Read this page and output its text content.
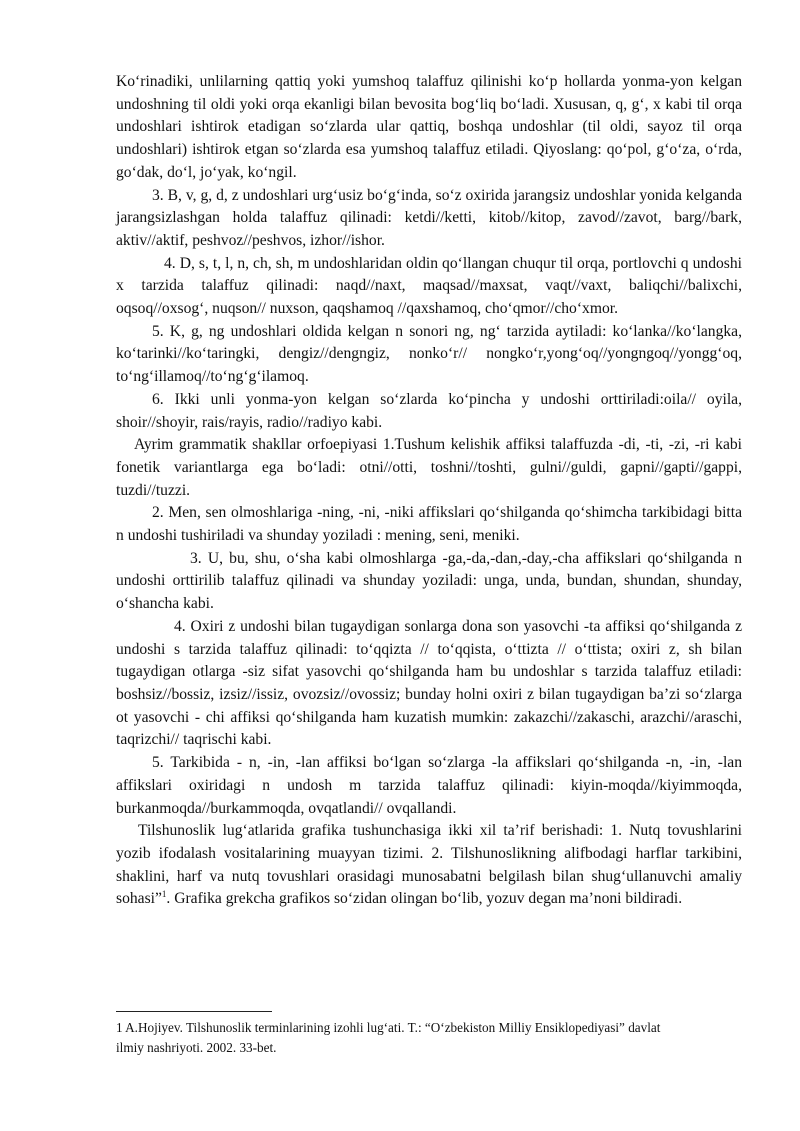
Ko‘rinadiki, unlilarning qattiq yoki yumshoq talaffuz qilinishi ko‘p hollarda yonma-yon kelgan undoshning til oldi yoki orqa ekanligi bilan bevosita bog‘liq bo‘ladi. Xususan, q, g‘, x kabi til orqa undoshlari ishtirok etadigan so‘zlarda ular qattiq, boshqa undoshlar (til oldi, sayoz til orqa undoshlari) ishtirok etgan so‘zlarda esa yumshoq talaffuz etiladi. Qiyoslang: qo‘pol, g‘o‘za, o‘rda, go‘dak, do‘l, jo‘yak, ko‘ngil.

3. B, v, g, d, z undoshlari urg‘usiz bo‘g‘inda, so‘z oxirida jarangsiz undoshlar yonida kelganda jarangsizlashgan holda talaffuz qilinadi: ketdi//ketti, kitob//kitop, zavod//zavot, barg//bark, aktiv//aktif, peshvoz//peshvos, izhor//ishor.

4. D, s, t, l, n, ch, sh, m undoshlaridan oldin qo‘llangan chuqur til orqa, portlovchi q undoshi x tarzida talaffuz qilinadi: naqd//naxt, maqsad//maxsat, vaqt//vaxt, baliqchi//balixchi, oqsoq//oxsog‘, nuqson// nuxson, qaqshamoq //qaxshamoq, cho‘qmor//cho‘xmor.

5. K, g, ng undoshlari oldida kelgan n sonori ng, ng‘ tarzida aytiladi: ko‘lanka//ko‘langka, ko‘tarinki//ko‘taringki, dengiz//dengngiz, nonko‘r// nongko‘r,yong‘oq//yongngoq//yongg‘oq, to‘ng‘illamoq//to‘ng‘g‘ilamoq.

6. Ikki unli yonma-yon kelgan so‘zlarda ko‘pincha y undoshi orttiriladi:oila// oyila, shoir//shoyir, rais/rayis, radio//radiyo kabi.

Ayrim grammatik shakllar orfoepiyasi 1.Tushum kelishik affiksi talaffuzda -di, -ti, -zi, -ri kabi fonetik variantlarga ega bo‘ladi: otni//otti, toshni//toshti, gulni//guldi, gapni//gapti//gappi, tuzdi//tuzzi.

2. Men, sen olmoshlariga -ning, -ni, -niki affikslari qo‘shilganda qo‘shimcha tarkibidagi bitta n undoshi tushiriladi va shunday yoziladi : mening, seni, meniki.

3. U, bu, shu, o‘sha kabi olmoshlarga -ga,-da,-dan,-day,-cha affikslari qo‘shilganda n undoshi orttirilib talaffuz qilinadi va shunday yoziladi: unga, unda, bundan, shundan, shunday, o‘shancha kabi.

4. Oxiri z undoshi bilan tugaydigan sonlarga dona son yasovchi -ta affiksi qo‘shilganda z undoshi s tarzida talaffuz qilinadi: to‘qqizta // to‘qqista, o‘ttizta // o‘ttista; oxiri z, sh bilan tugaydigan otlarga -siz sifat yasovchi qo‘shilganda ham bu undoshlar s tarzida talaffuz etiladi: boshsiz//bossiz, izsiz//issiz, ovozsiz//ovossiz; bunday holni oxiri z bilan tugaydigan ba’zi so‘zlarga ot yasovchi - chi affiksi qo‘shilganda ham kuzatish mumkin: zakazchi//zakaschi, arazchi//araschi, taqrizchi// taqrischi kabi.

5. Tarkibida - n, -in, -lan affiksi bo‘lgan so‘zlarga -la affikslari qo‘shilganda -n, -in, -lan affikslari oxiridagi n undosh m tarzida talaffuz qilinadi: kiyin-moqda//kiyimmoqda, burkanmoqda//burkammoqda, ovqatlandi// ovqallandi.

Tilshunoslik lug‘atlarida grafika tushunchasiga ikki xil ta’rif berishadi: 1. Nutq tovushlarini yozib ifodalash vositalarining muayyan tizimi. 2. Tilshunoslikning alifbodagi harflar tarkibini, shaklini, harf va nutq tovushlari orasidagi munosabatni belgilash bilan shug‘ullanuvchi amaliy sohasi”$^1$. Grafika grekcha grafikos so‘zidan olingan bo‘lib, yozuv degan ma’noni bildiradi.

1 A.Hojiyev. Tilshunoslik terminlarining izohli lug‘ati. T.: “O‘zbekiston Milliy Ensiklopediyasi” davlat ilmiy nashriyoti. 2002. 33-bet.
